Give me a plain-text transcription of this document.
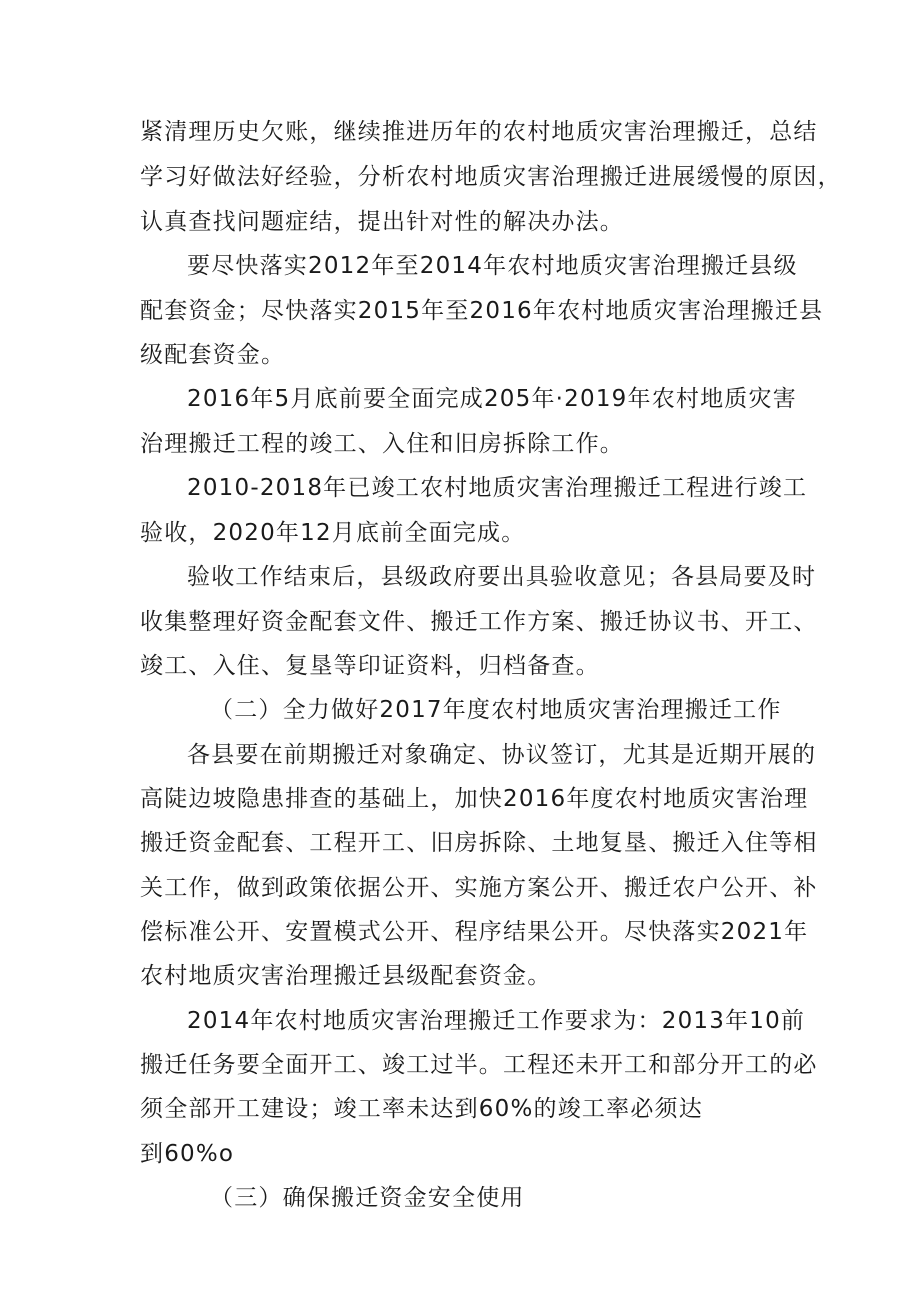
紧清理历史欠账，继续推进历年的农村地质灾害治理搬迁，总结
学习好做法好经验，分析农村地质灾害治理搬迁进展缓慢的原因，
认真查找问题症结，提出针对性的解决办法。
要尽快落实2012年至2014年农村地质灾害治理搬迁县级
配套资金；尽快落实2015年至2016年农村地质灾害治理搬迁县
级配套资金。
2016年5月底前要全面完成205年·2019年农村地质灾害
治理搬迁工程的竣工、入住和旧房拆除工作。
2010-2018年已竣工农村地质灾害治理搬迁工程进行竣工
验收，2020年12月底前全面完成。
验收工作结束后，县级政府要出具验收意见；各县局要及时
收集整理好资金配套文件、搬迁工作方案、搬迁协议书、开工、
竣工、入住、复垦等印证资料，归档备查。
（二）全力做好2017年度农村地质灾害治理搬迁工作
各县要在前期搬迁对象确定、协议签订，尤其是近期开展的
高陡边坡隐患排查的基础上，加快2016年度农村地质灾害治理
搬迁资金配套、工程开工、旧房拆除、土地复垦、搬迁入住等相
关工作，做到政策依据公开、实施方案公开、搬迁农户公开、补
偿标准公开、安置模式公开、程序结果公开。尽快落实2021年
农村地质灾害治理搬迁县级配套资金。
2014年农村地质灾害治理搬迁工作要求为：2013年10前
搬迁任务要全面开工、竣工过半。工程还未开工和部分开工的必
须全部开工建设；竣工率未达到60%的竣工率必须达
到60%o
（三）确保搬迁资金安全使用
